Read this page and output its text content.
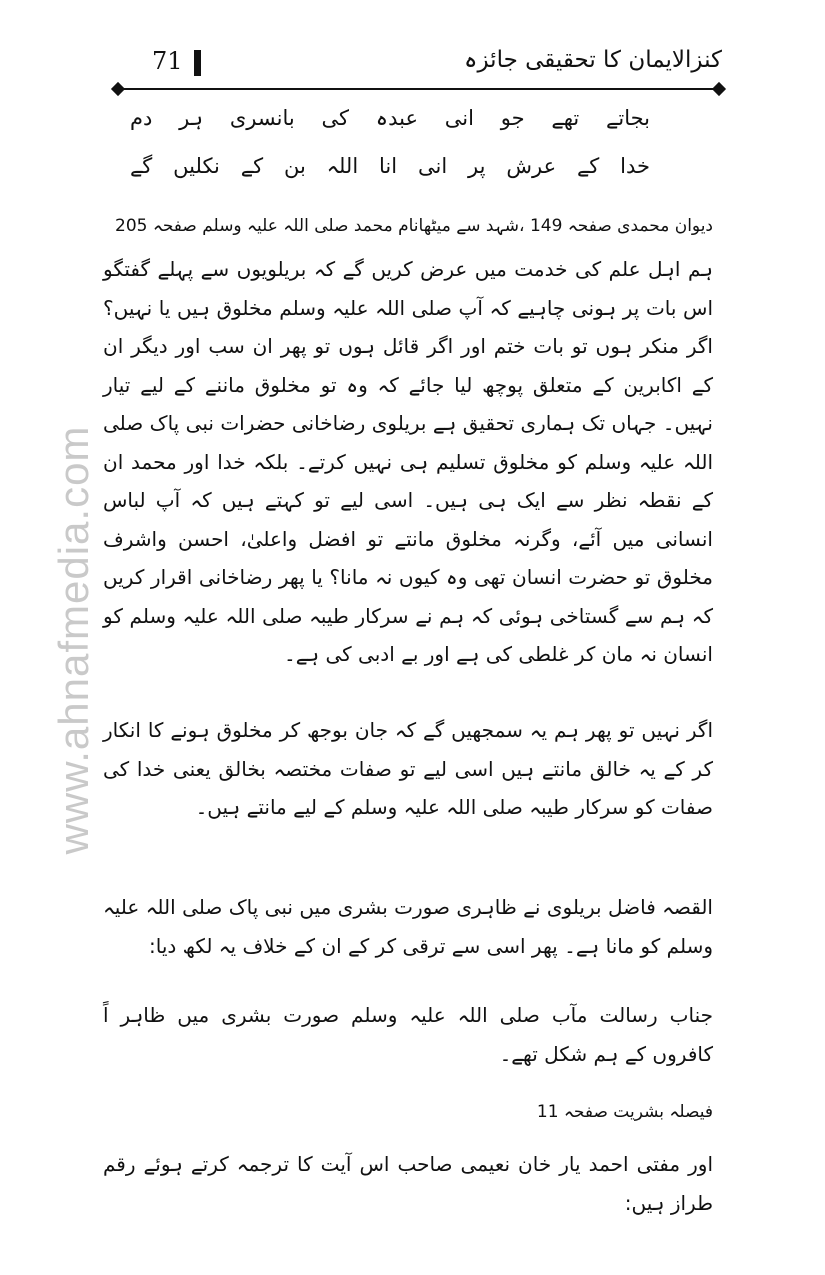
71	کنزالایمان کا تحقیقی جائزہ
www.ahnafmedia.com
بجاتے تھے جو انی عبدہ کی بانسری ہر دم
خدا کے عرش پر انی انا اللہ بن کے نکلیں گے
دیوان محمدی صفحہ 149 ،شہد سے میٹھانام محمد صلی اللہ علیہ وسلم صفحہ 205
ہم اہل علم کی خدمت میں عرض کریں گے کہ بریلویوں سے پہلے گفتگو اس بات پر ہونی چاہیے کہ آپ صلی اللہ علیہ وسلم مخلوق ہیں یا نہیں؟ اگر منکر ہوں تو بات ختم اور اگر قائل ہوں تو پھر ان سب اور دیگر ان کے اکابرین کے متعلق پوچھ لیا جائے کہ وہ تو مخلوق ماننے کے لیے تیار نہیں۔ جہاں تک ہماری تحقیق ہے بریلوی رضاخانی حضرات نبی پاک صلی اللہ علیہ وسلم کو مخلوق تسلیم ہی نہیں کرتے۔ بلکہ خدا اور محمد ان کے نقطہ نظر سے ایک ہی ہیں۔ اسی لیے تو کہتے ہیں کہ آپ لباس انسانی میں آئے، وگرنہ مخلوق مانتے تو افضل واعلیٰ، احسن واشرف مخلوق تو حضرت انسان تھی وہ کیوں نہ مانا؟ یا پھر رضاخانی اقرار کریں کہ ہم سے گستاخی ہوئی کہ ہم نے سرکار طیبہ صلی اللہ علیہ وسلم کو انسان نہ مان کر غلطی کی ہے اور بے ادبی کی ہے۔
اگر نہیں تو پھر ہم یہ سمجھیں گے کہ جان بوجھ کر مخلوق ہونے کا انکار کر کے یہ خالق مانتے ہیں اسی لیے تو صفات مختصہ بخالق یعنی خدا کی صفات کو سرکار طیبہ صلی اللہ علیہ وسلم کے لیے مانتے ہیں۔
القصہ فاضل بریلوی نے ظاہری صورت بشری میں نبی پاک صلی اللہ علیہ وسلم کو مانا ہے۔ پھر اسی سے ترقی کر کے ان کے خلاف یہ لکھ دیا:
جناب رسالت مآب صلی اللہ علیہ وسلم صورت بشری میں ظاہر اً کافروں کے ہم شکل تھے۔
فیصلہ بشریت صفحہ 11
اور مفتی احمد یار خان نعیمی صاحب اس آیت کا ترجمہ کرتے ہوئے رقم طراز ہیں:
